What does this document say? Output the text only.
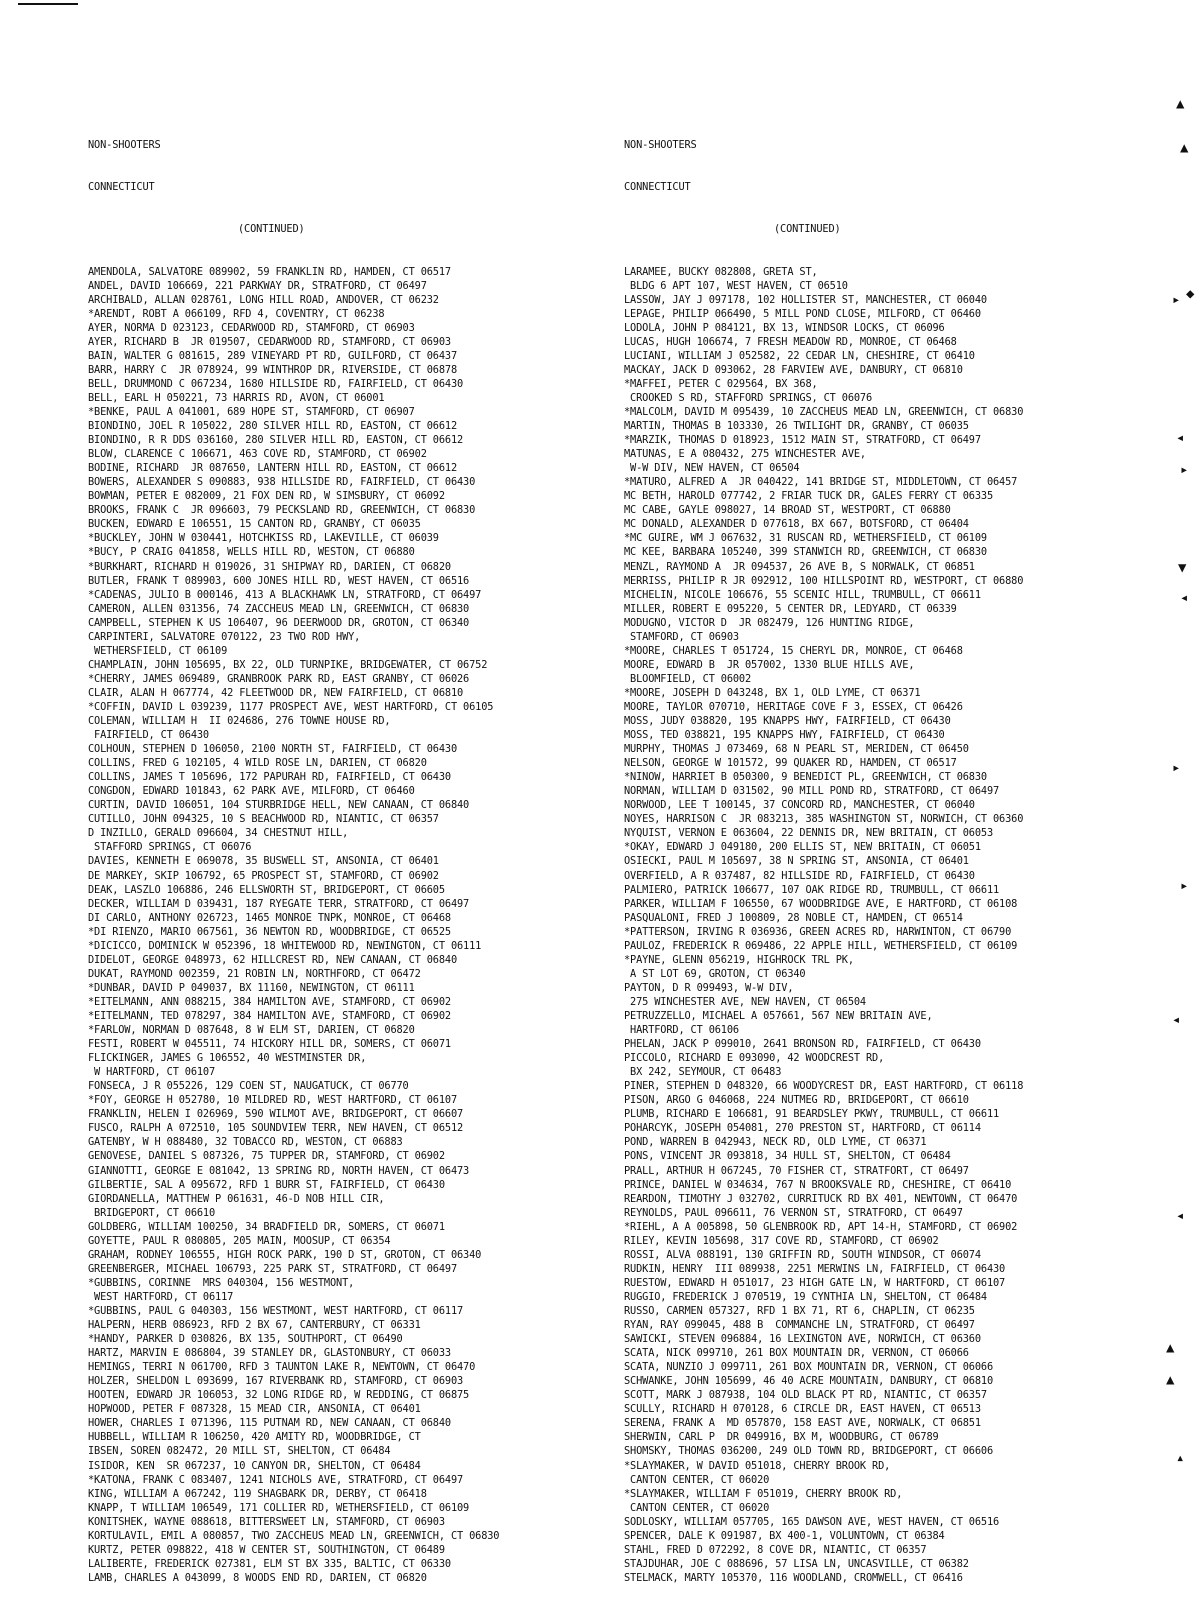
NON-SHOOTERS

CONNECTICUT

(CONTINUED)

AMENDOLA, SALVATORE 089902, 59 FRANKLIN RD, HAMDEN, CT 06517
ANDEL, DAVID 106669, 221 PARKWAY DR, STRATFORD, CT 06497
ARCHIBALD, ALLAN 028761, LONG HILL ROAD, ANDOVER, CT 06232
*ARENDT, ROBT A 066109, RFD 4, COVENTRY, CT 06238
AYER, NORMA D 023123, CEDARWOOD RD, STAMFORD, CT 06903
AYER, RICHARD B  JR 019507, CEDARWOOD RD, STAMFORD, CT 06903
BAIN, WALTER G 081615, 289 VINEYARD PT RD, GUILFORD, CT 06437
BARR, HARRY C  JR 078924, 99 WINTHROP DR, RIVERSIDE, CT 06878
BELL, DRUMMOND C 067234, 1680 HILLSIDE RD, FAIRFIELD, CT 06430
BELL, EARL H 050221, 73 HARRIS RD, AVON, CT 06001
*BENKE, PAUL A 041001, 689 HOPE ST, STAMFORD, CT 06907
BIONDINO, JOEL R 105022, 280 SILVER HILL RD, EASTON, CT 06612
BIONDINO, R R DDS 036160, 280 SILVER HILL RD, EASTON, CT 06612
BLOW, CLARENCE C 106671, 463 COVE RD, STAMFORD, CT 06902
BODINE, RICHARD  JR 087650, LANTERN HILL RD, EASTON, CT 06612
BOWERS, ALEXANDER S 090883, 938 HILLSIDE RD, FAIRFIELD, CT 06430
BOWMAN, PETER E 082009, 21 FOX DEN RD, W SIMSBURY, CT 06092
BROOKS, FRANK C  JR 096603, 79 PECKSLAND RD, GREENWICH, CT 06830
BUCKEN, EDWARD E 106551, 15 CANTON RD, GRANBY, CT 06035
*BUCKLEY, JOHN W 030441, HOTCHKISS RD, LAKEVILLE, CT 06039
*BUCY, P CRAIG 041858, WELLS HILL RD, WESTON, CT 06880
*BURKHART, RICHARD H 019026, 31 SHIPWAY RD, DARIEN, CT 06820
BUTLER, FRANK T 089903, 600 JONES HILL RD, WEST HAVEN, CT 06516
*CADENAS, JULIO B 000146, 413 A BLACKHAWK LN, STRATFORD, CT 06497
CAMERON, ALLEN 031356, 74 ZACCHEUS MEAD LN, GREENWICH, CT 06830
CAMPBELL, STEPHEN K US 106407, 96 DEERWOOD DR, GROTON, CT 06340
CARPINTERI, SALVATORE 070122, 23 TWO ROD HWY,
WETHERSFIELD, CT 06109
CHAMPLAIN, JOHN 105695, BX 22, OLD TURNPIKE, BRIDGEWATER, CT 06752
*CHERRY, JAMES 069489, GRANBROOK PARK RD, EAST GRANBY, CT 06026
CLAIR, ALAN H 067774, 42 FLEETWOOD DR, NEW FAIRFIELD, CT 06810
*COFFIN, DAVID L 039239, 1177 PROSPECT AVE, WEST HARTFORD, CT 06105
COLEMAN, WILLIAM H  II 024686, 276 TOWNE HOUSE RD,
FAIRFIELD, CT 06430
COLHOUN, STEPHEN D 106050, 2100 NORTH ST, FAIRFIELD, CT 06430
COLLINS, FRED G 102105, 4 WILD ROSE LN, DARIEN, CT 06820
COLLINS, JAMES T 105696, 172 PAPURAH RD, FAIRFIELD, CT 06430
CONGDON, EDWARD 101843, 62 PARK AVE, MILFORD, CT 06460
CURTIN, DAVID 106051, 104 STURBRIDGE HELL, NEW CANAAN, CT 06840
CUTILLO, JOHN 094325, 10 S BEACHWOOD RD, NIANTIC, CT 06357
D INZILLO, GERALD 096604, 34 CHESTNUT HILL,
STAFFORD SPRINGS, CT 06076
DAVIES, KENNETH E 069078, 35 BUSWELL ST, ANSONIA, CT 06401
DE MARKEY, SKIP 106792, 65 PROSPECT ST, STAMFORD, CT 06902
DEAK, LASZLO 106886, 246 ELLSWORTH ST, BRIDGEPORT, CT 06605
DECKER, WILLIAM D 039431, 187 RYEGATE TERR, STRATFORD, CT 06497
DI CARLO, ANTHONY 026723, 1465 MONROE TNPK, MONROE, CT 06468
*DI RIENZO, MARIO 067561, 36 NEWTON RD, WOODBRIDGE, CT 06525
*DICICCO, DOMINICK W 052396, 18 WHITEWOOD RD, NEWINGTON, CT 06111
DIDELOT, GEORGE 048973, 62 HILLCREST RD, NEW CANAAN, CT 06840
DUKAT, RAYMOND 002359, 21 ROBIN LN, NORTHFORD, CT 06472
*DUNBAR, DAVID P 049037, BX 11160, NEWINGTON, CT 06111
*EITELMANN, ANN 088215, 384 HAMILTON AVE, STAMFORD, CT 06902
*EITELMANN, TED 078297, 384 HAMILTON AVE, STAMFORD, CT 06902
*FARLOW, NORMAN D 087648, 8 W ELM ST, DARIEN, CT 06820
FESTI, ROBERT W 045511, 74 HICKORY HILL DR, SOMERS, CT 06071
FLICKINGER, JAMES G 106552, 40 WESTMINSTER DR,
W HARTFORD, CT 06107
FONSECA, J R 055226, 129 COEN ST, NAUGATUCK, CT 06770
*FOY, GEORGE H 052780, 10 MILDRED RD, WEST HARTFORD, CT 06107
FRANKLIN, HELEN I 026969, 590 WILMOT AVE, BRIDGEPORT, CT 06607
FUSCO, RALPH A 072510, 105 SOUNDVIEW TERR, NEW HAVEN, CT 06512
GATENBY, W H 088480, 32 TOBACCO RD, WESTON, CT 06883
GENOVESE, DANIEL S 087326, 75 TUPPER DR, STAMFORD, CT 06902
GIANNOTTI, GEORGE E 081042, 13 SPRING RD, NORTH HAVEN, CT 06473
GILBERTIE, SAL A 095672, RFD 1 BURR ST, FAIRFIELD, CT 06430
GIORDANELLA, MATTHEW P 061631, 46-D NOB HILL CIR,
BRIDGEPORT, CT 06610
GOLDBERG, WILLIAM 100250, 34 BRADFIELD DR, SOMERS, CT 06071
GOYETTE, PAUL R 080805, 205 MAIN, MOOSUP, CT 06354
GRAHAM, RODNEY 106555, HIGH ROCK PARK, 190 D ST, GROTON, CT 06340
GREENBERGER, MICHAEL 106793, 225 PARK ST, STRATFORD, CT 06497
*GUBBINS, CORINNE  MRS 040304, 156 WESTMONT,
WEST HARTFORD, CT 06117
*GUBBINS, PAUL G 040303, 156 WESTMONT, WEST HARTFORD, CT 06117
HALPERN, HERB 086923, RFD 2 BX 67, CANTERBURY, CT 06331
*HANDY, PARKER D 030826, BX 135, SOUTHPORT, CT 06490
HARTZ, MARVIN E 086804, 39 STANLEY DR, GLASTONBURY, CT 06033
HEMINGS, TERRI N 061700, RFD 3 TAUNTON LAKE R, NEWTOWN, CT 06470
HOLZER, SHELDON L 093699, 167 RIVERBANK RD, STAMFORD, CT 06903
HOOTEN, EDWARD JR 106053, 32 LONG RIDGE RD, W REDDING, CT 06875
HOPWOOD, PETER F 087328, 15 MEAD CIR, ANSONIA, CT 06401
HOWER, CHARLES I 071396, 115 PUTNAM RD, NEW CANAAN, CT 06840
HUBBELL, WILLIAM R 106250, 420 AMITY RD, WOODBRIDGE, CT
IBSEN, SOREN 082472, 20 MILL ST, SHELTON, CT 06484
ISIDOR, KEN  SR 067237, 10 CANYON DR, SHELTON, CT 06484
*KATONA, FRANK C 083407, 1241 NICHOLS AVE, STRATFORD, CT 06497
KING, WILLIAM A 067242, 119 SHAGBARK DR, DERBY, CT 06418
KNAPP, T WILLIAM 106549, 171 COLLIER RD, WETHERSFIELD, CT 06109
KONITSHEK, WAYNE 088618, BITTERSWEET LN, STAMFORD, CT 06903
KORTULAVIL, EMIL A 080857, TWO ZACCHEUS MEAD LN, GREENWICH, CT 06830
KURTZ, PETER 098822, 418 W CENTER ST, SOUTHINGTON, CT 06489
LALIBERTE, FREDERICK 027381, ELM ST BX 335, BALTIC, CT 06330
LAMB, CHARLES A 043099, 8 WOODS END RD, DARIEN, CT 06820

NON-SHOOTERS

CONNECTICUT

(CONTINUED)

LARAMEE, BUCKY 082808, GRETA ST,
BLDG 6 APT 107, WEST HAVEN, CT 06510
LASSOW, JAY J 097178, 102 HOLLISTER ST, MANCHESTER, CT 06040
LEPAGE, PHILIP 066490, 5 MILL POND CLOSE, MILFORD, CT 06460
LODOLA, JOHN P 084121, BX 13, WINDSOR LOCKS, CT 06096
LUCAS, HUGH 106674, 7 FRESH MEADOW RD, MONROE, CT 06468
LUCIANI, WILLIAM J 052582, 22 CEDAR LN, CHESHIRE, CT 06410
MACKAY, JACK D 093062, 28 FARVIEW AVE, DANBURY, CT 06810
*MAFFEI, PETER C 029564, BX 368,
CROOKED S RD, STAFFORD SPRINGS, CT 06076
*MALCOLM, DAVID M 095439, 10 ZACCHEUS MEAD LN, GREENWICH, CT 06830
MARTIN, THOMAS B 103330, 26 TWILIGHT DR, GRANBY, CT 06035
*MARZIK, THOMAS D 018923, 1512 MAIN ST, STRATFORD, CT 06497
MATUNAS, E A 080432, 275 WINCHESTER AVE,
W-W DIV, NEW HAVEN, CT 06504
*MATURO, ALFRED A  JR 040422, 141 BRIDGE ST, MIDDLETOWN, CT 06457
MC BETH, HAROLD 077742, 2 FRIAR TUCK DR, GALES FERRY CT 06335
MC CABE, GAYLE 098027, 14 BROAD ST, WESTPORT, CT 06880
MC DONALD, ALEXANDER D 077618, BX 667, BOTSFORD, CT 06404
*MC GUIRE, WM J 067632, 31 RUSCAN RD, WETHERSFIELD, CT 06109
MC KEE, BARBARA 105240, 399 STANWICH RD, GREENWICH, CT 06830
MENZL, RAYMOND A  JR 094537, 26 AVE B, S NORWALK, CT 06851
MERRISS, PHILIP R JR 092912, 100 HILLSPOINT RD, WESTPORT, CT 06880
MICHELIN, NICOLE 106676, 55 SCENIC HILL, TRUMBULL, CT 06611
MILLER, ROBERT E 095220, 5 CENTER DR, LEDYARD, CT 06339
MODUGNO, VICTOR D  JR 082479, 126 HUNTING RIDGE,
STAMFORD, CT 06903
*MOORE, CHARLES T 051724, 15 CHERYL DR, MONROE, CT 06468
MOORE, EDWARD B  JR 057002, 1330 BLUE HILLS AVE,
BLOOMFIELD, CT 06002
*MOORE, JOSEPH D 043248, BX 1, OLD LYME, CT 06371
MOORE, TAYLOR 070710, HERITAGE COVE F 3, ESSEX, CT 06426
MOSS, JUDY 038820, 195 KNAPPS HWY, FAIRFIELD, CT 06430
MOSS, TED 038821, 195 KNAPPS HWY, FAIRFIELD, CT 06430
MURPHY, THOMAS J 073469, 68 N PEARL ST, MERIDEN, CT 06450
NELSON, GEORGE W 101572, 99 QUAKER RD, HAMDEN, CT 06517
*NINOW, HARRIET B 050300, 9 BENEDICT PL, GREENWICH, CT 06830
NORMAN, WILLIAM D 031502, 90 MILL POND RD, STRATFORD, CT 06497
NORWOOD, LEE T 100145, 37 CONCORD RD, MANCHESTER, CT 06040
NOYES, HARRISON C  JR 083213, 385 WASHINGTON ST, NORWICH, CT 06360
NYQUIST, VERNON E 063604, 22 DENNIS DR, NEW BRITAIN, CT 06053
*OKAY, EDWARD J 049180, 200 ELLIS ST, NEW BRITAIN, CT 06051
OSIECKI, PAUL M 105697, 38 N SPRING ST, ANSONIA, CT 06401
OVERFIELD, A R 037487, 82 HILLSIDE RD, FAIRFIELD, CT 06430
PALMIERO, PATRICK 106677, 107 OAK RIDGE RD, TRUMBULL, CT 06611
PARKER, WILLIAM F 106550, 67 WOODBRIDGE AVE, E HARTFORD, CT 06108
PASQUALONI, FRED J 100809, 28 NOBLE CT, HAMDEN, CT 06514
*PATTERSON, IRVING R 036936, GREEN ACRES RD, HARWINTON, CT 06790
PAULOZ, FREDERICK R 069486, 22 APPLE HILL, WETHERSFIELD, CT 06109
*PAYNE, GLENN 056219, HIGHROCK TRL PK,
A ST LOT 69, GROTON, CT 06340
PAYTON, D R 099493, W-W DIV,
275 WINCHESTER AVE, NEW HAVEN, CT 06504
PETRUZZELLO, MICHAEL A 057661, 567 NEW BRITAIN AVE,
HARTFORD, CT 06106
PHELAN, JACK P 099010, 2641 BRONSON RD, FAIRFIELD, CT 06430
PICCOLO, RICHARD E 093090, 42 WOODCREST RD,
BX 242, SEYMOUR, CT 06483
PINER, STEPHEN D 048320, 66 WOODYCREST DR, EAST HARTFORD, CT 06118
PISON, ARGO G 046068, 224 NUTMEG RD, BRIDGEPORT, CT 06610
PLUMB, RICHARD E 106681, 91 BEARDSLEY PKWY, TRUMBULL, CT 06611
POHARCYK, JOSEPH 054081, 270 PRESTON ST, HARTFORD, CT 06114
POND, WARREN B 042943, NECK RD, OLD LYME, CT 06371
PONS, VINCENT JR 093818, 34 HULL ST, SHELTON, CT 06484
PRALL, ARTHUR H 067245, 70 FISHER CT, STRATFORT, CT 06497
PRINCE, DANIEL W 034634, 767 N BROOKSVALE RD, CHESHIRE, CT 06410
REARDON, TIMOTHY J 032702, CURRITUCK RD BX 401, NEWTOWN, CT 06470
REYNOLDS, PAUL 096611, 76 VERNON ST, STRATFORD, CT 06497
*RIEHL, A A 005898, 50 GLENBROOK RD, APT 14-H, STAMFORD, CT 06902
RILEY, KEVIN 105698, 317 COVE RD, STAMFORD, CT 06902
ROSSI, ALVA 088191, 130 GRIFFIN RD, SOUTH WINDSOR, CT 06074
RUDKIN, HENRY  III 089938, 2251 MERWINS LN, FAIRFIELD, CT 06430
RUESTOW, EDWARD H 051017, 23 HIGH GATE LN, W HARTFORD, CT 06107
RUGGIO, FREDERICK J 070519, 19 CYNTHIA LN, SHELTON, CT 06484
RUSSO, CARMEN 057327, RFD 1 BX 71, RT 6, CHAPLIN, CT 06235
RYAN, RAY 099045, 488 B  COMMANCHE LN, STRATFORD, CT 06497
SAWICKI, STEVEN 096884, 16 LEXINGTON AVE, NORWICH, CT 06360
SCATA, NICK 099710, 261 BOX MOUNTAIN DR, VERNON, CT 06066
SCATA, NUNZIO J 099711, 261 BOX MOUNTAIN DR, VERNON, CT 06066
SCHWANKE, JOHN 105699, 46 40 ACRE MOUNTAIN, DANBURY, CT 06810
SCOTT, MARK J 087938, 104 OLD BLACK PT RD, NIANTIC, CT 06357
SCULLY, RICHARD H 070128, 6 CIRCLE DR, EAST HAVEN, CT 06513
SERENA, FRANK A  MD 057870, 158 EAST AVE, NORWALK, CT 06851
SHERWIN, CARL P  DR 049916, BX M, WOODBURG, CT 06789
SHOMSKY, THOMAS 036200, 249 OLD TOWN RD, BRIDGEPORT, CT 06606
*SLAYMAKER, W DAVID 051018, CHERRY BROOK RD,
CANTON CENTER, CT 06020
*SLAYMAKER, WILLIAM F 051019, CHERRY BROOK RD,
CANTON CENTER, CT 06020
SODLOSKY, WILLIAM 057705, 165 DAWSON AVE, WEST HAVEN, CT 06516
SPENCER, DALE K 091987, BX 400-1, VOLUNTOWN, CT 06384
STAHL, FRED D 072292, 8 COVE DR, NIANTIC, CT 06357
STAJDUHAR, JOE C 088696, 57 LISA LN, UNCASVILLE, CT 06382
STELMACK, MARTY 105370, 116 WOODLAND, CROMWELL, CT 06416

▲
▲
◆
▸
◂
▸
▼
◂
▸
▸
◂
◂
▲
▲
▴
